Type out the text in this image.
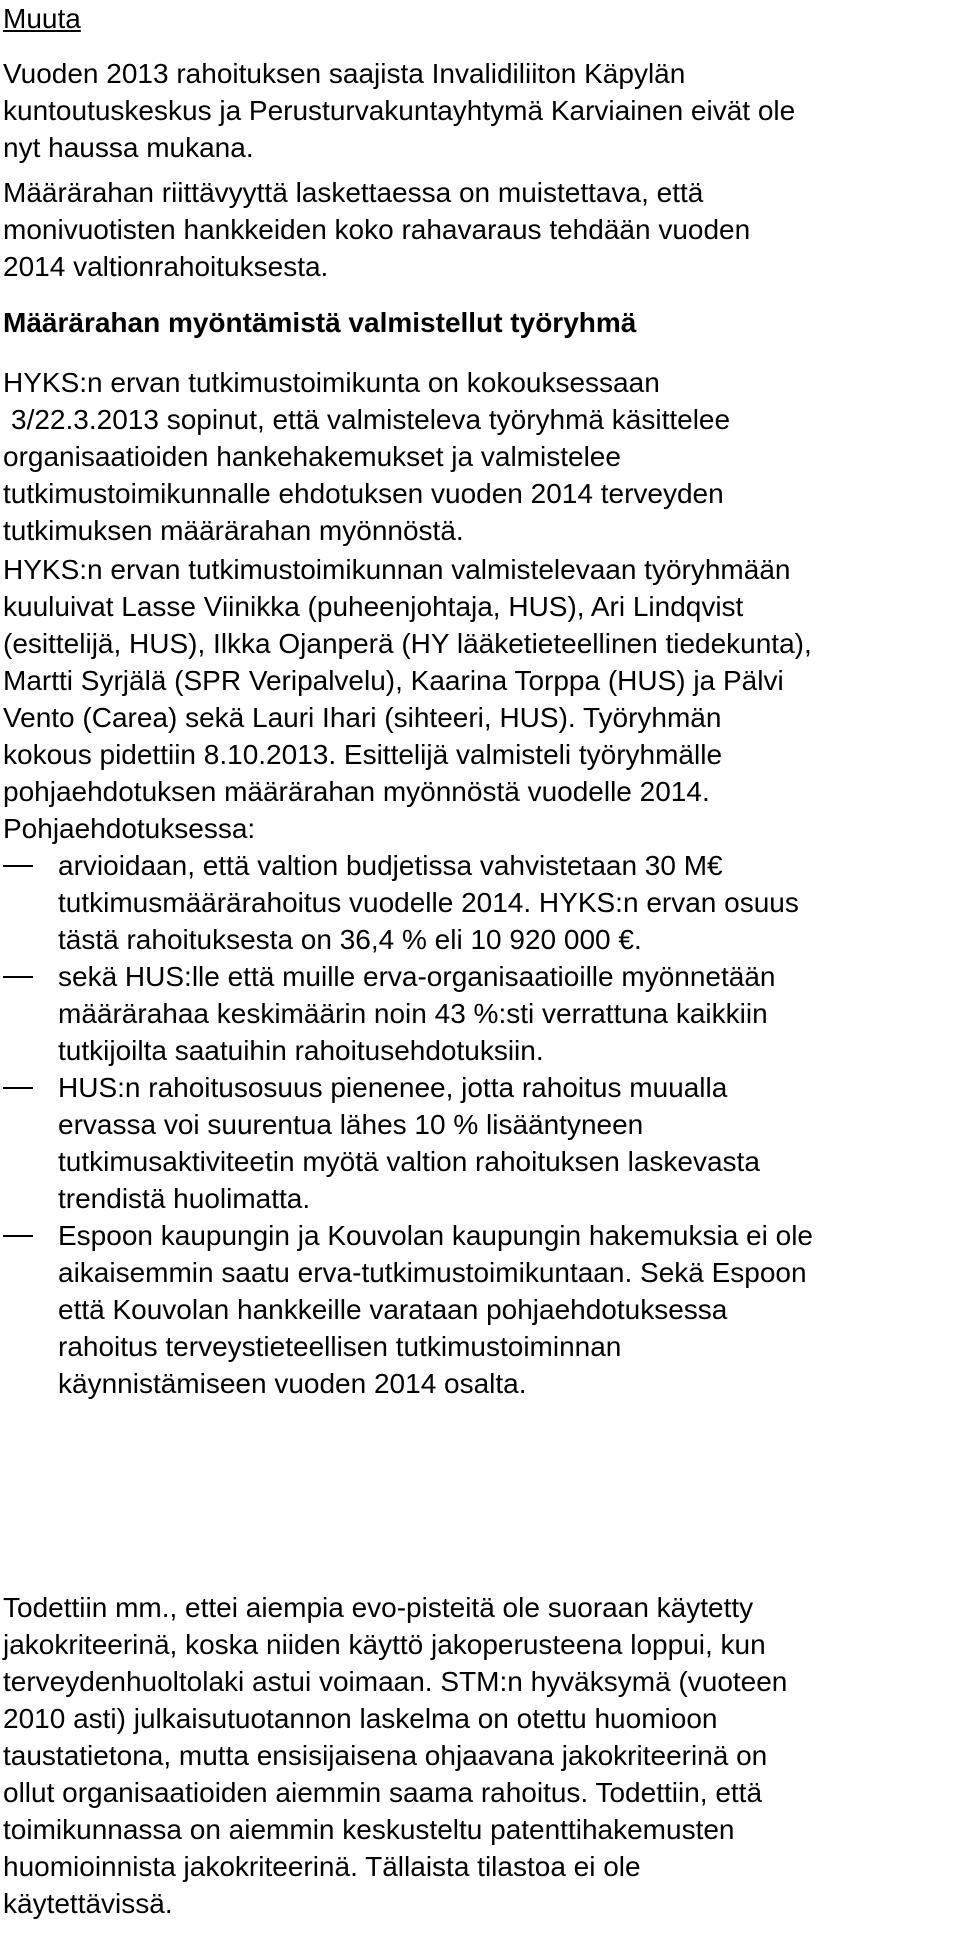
Muuta
Vuoden 2013 rahoituksen saajista Invalidiliiton Käpylän
kuntoutuskeskus ja Perusturvakuntayhtymä Karviainen eivät ole
nyt haussa mukana.
Määrärahan riittävyyttä laskettaessa on muistettava, että
monivuotisten hankkeiden koko rahavaraus tehdään vuoden
2014 valtionrahoituksesta.
Määrärahan myöntämistä valmistellut työryhmä
HYKS:n ervan tutkimustoimikunta on kokouksessaan
3/22.3.2013 sopinut, että valmisteleva työryhmä käsittelee
organisaatioiden hankehakemukset ja valmistelee
tutkimustoimikunnalle ehdotuksen vuoden 2014 terveyden
tutkimuksen määrärahan myönnöstä.
HYKS:n ervan tutkimustoimikunnan valmistelevaan työryhmään
kuuluivat Lasse Viinikka (puheenjohtaja, HUS), Ari Lindqvist
(esittelijä, HUS), Ilkka Ojanperä (HY lääketieteellinen tiedekunta),
Martti Syrjälä (SPR Veripalvelu), Kaarina Torppa (HUS) ja Pälvi
Vento (Carea) sekä Lauri Ihari (sihteeri, HUS). Työryhmän
kokous pidettiin 8.10.2013. Esittelijä valmisteli työryhmälle
pohjaehdotuksen määrärahan myönnöstä vuodelle 2014.
Pohjaehdotuksessa:
arvioidaan, että valtion budjetissa vahvistetaan 30 M€
tutkimusmäärärahoitus vuodelle 2014. HYKS:n ervan osuus
tästä rahoituksesta on 36,4 % eli 10 920 000 €.
sekä HUS:lle että muille erva-organisaatioille myönnetään
määrärahaa keskimäärin noin 43 %:sti verrattuna kaikkiin
tutkijoilta saatuihin rahoitusehdotuksiin.
HUS:n rahoitusosuus pienenee, jotta rahoitus muualla
ervassa voi suurentua lähes 10 % lisääntyneen
tutkimusaktiviteetin myötä valtion rahoituksen laskevasta
trendistä huolimatta.
Espoon kaupungin ja Kouvolan kaupungin hakemuksia ei ole
aikaisemmin saatu erva-tutkimustoimikuntaan. Sekä Espoon
että Kouvolan hankkeille varataan pohjaehdotuksessa
rahoitus terveystieteellisen tutkimustoiminnan
käynnistämiseen vuoden 2014 osalta.
Todettiin mm., ettei aiempia evo-pisteitä ole suoraan käytetty
jakokriteerinä, koska niiden käyttö jakoperusteena loppui, kun
terveydenhuoltolaki astui voimaan. STM:n hyväksymä (vuoteen
2010 asti) julkaisutuotannon laskelma on otettu huomioon
taustatietona, mutta ensisijaisena ohjaavana jakokriteerinä on
ollut organisaatioiden aiemmin saama rahoitus. Todettiin, että
toimikunnassa on aiemmin keskusteltu patenttihakemusten
huomioinnista jakokriteerinä. Tällaista tilastoa ei ole
käytettävissä.
